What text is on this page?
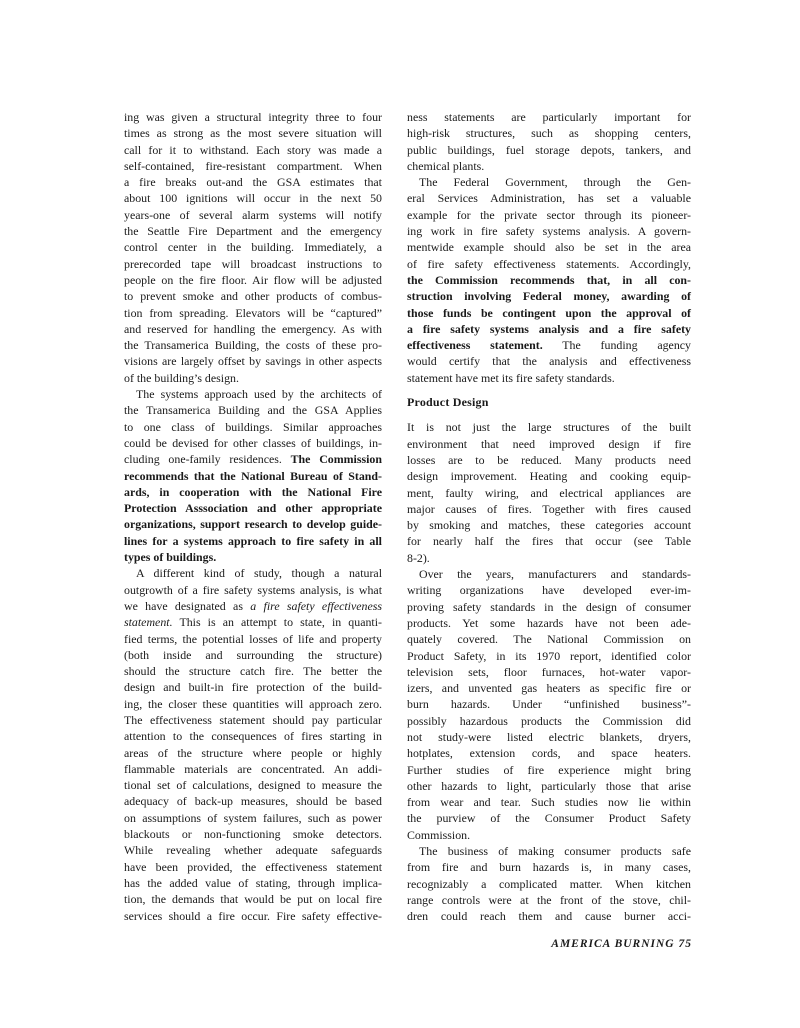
ing was given a structural integrity three to four
times as strong as the most severe situation will
call for it to withstand. Each story was made a
self-contained, fire-resistant compartment. When
a fire breaks out-and the GSA estimates that
about 100 ignitions will occur in the next 50
years-one of several alarm systems will notify
the Seattle Fire Department and the emergency
control center in the building. Immediately, a
prerecorded tape will broadcast instructions to
people on the fire floor. Air flow will be adjusted
to prevent smoke and other products of combus-
tion from spreading. Elevators will be “captured”
and reserved for handling the emergency. As with
the Transamerica Building, the costs of these pro-
visions are largely offset by savings in other aspects
of the building’s design.
The systems approach used by the architects of
the Transamerica Building and the GSA Applies
to one class of buildings. Similar approaches
could be devised for other classes of buildings, in-
cluding one-family residences. The Commission
recommends that the National Bureau of Stand-
ards, in cooperation with the National Fire
Protection Asssociation and other appropriate
organizations, support research to develop guide-
lines for a systems approach to fire safety in all
types of buildings.
A different kind of study, though a natural
outgrowth of a fire safety systems analysis, is what
we have designated as a fire safety effectiveness
statement. This is an attempt to state, in quanti-
fied terms, the potential losses of life and property
(both inside and surrounding the structure)
should the structure catch fire. The better the
design and built-in fire protection of the build-
ing, the closer these quantities will approach zero.
The effectiveness statement should pay particular
attention to the consequences of fires starting in
areas of the structure where people or highly
flammable materials are concentrated. An addi-
tional set of calculations, designed to measure the
adequacy of back-up measures, should be based
on assumptions of system failures, such as power
blackouts or non-functioning smoke detectors.
While revealing whether adequate safeguards
have been provided, the effectiveness statement
has the added value of stating, through implica-
tion, the demands that would be put on local fire
services should a fire occur. Fire safety effective-
ness statements are particularly important for
high-risk structures, such as shopping centers,
public buildings, fuel storage depots, tankers, and
chemical plants.
The Federal Government, through the Gen-
eral Services Administration, has set a valuable
example for the private sector through its pioneer-
ing work in fire safety systems analysis. A govern-
mentwide example should also be set in the area
of fire safety effectiveness statements. Accordingly,
the Commission recommends that, in all con-
struction involving Federal money, awarding of
those funds be contingent upon the approval of
a fire safety systems analysis and a fire safety
effectiveness statement. The funding agency
would certify that the analysis and effectiveness
statement have met its fire safety standards.
Product Design
It is not just the large structures of the built
environment that need improved design if fire
losses are to be reduced. Many products need
design improvement. Heating and cooking equip-
ment, faulty wiring, and electrical appliances are
major causes of fires. Together with fires caused
by smoking and matches, these categories account
for nearly half the fires that occur (see Table
8-2).
Over the years, manufacturers and standards-
writing organizations have developed ever-im-
proving safety standards in the design of consumer
products. Yet some hazards have not been ade-
quately covered. The National Commission on
Product Safety, in its 1970 report, identified color
television sets, floor furnaces, hot-water vapor-
izers, and unvented gas heaters as specific fire or
burn hazards. Under “unfinished business”-
possibly hazardous products the Commission did
not study-were listed electric blankets, dryers,
hotplates, extension cords, and space heaters.
Further studies of fire experience might bring
other hazards to light, particularly those that arise
from wear and tear. Such studies now lie within
the purview of the Consumer Product Safety
Commission.
The business of making consumer products safe
from fire and burn hazards is, in many cases,
recognizably a complicated matter. When kitchen
range controls were at the front of the stove, chil-
dren could reach them and cause burner acci-
AMERICA BURNING 75
